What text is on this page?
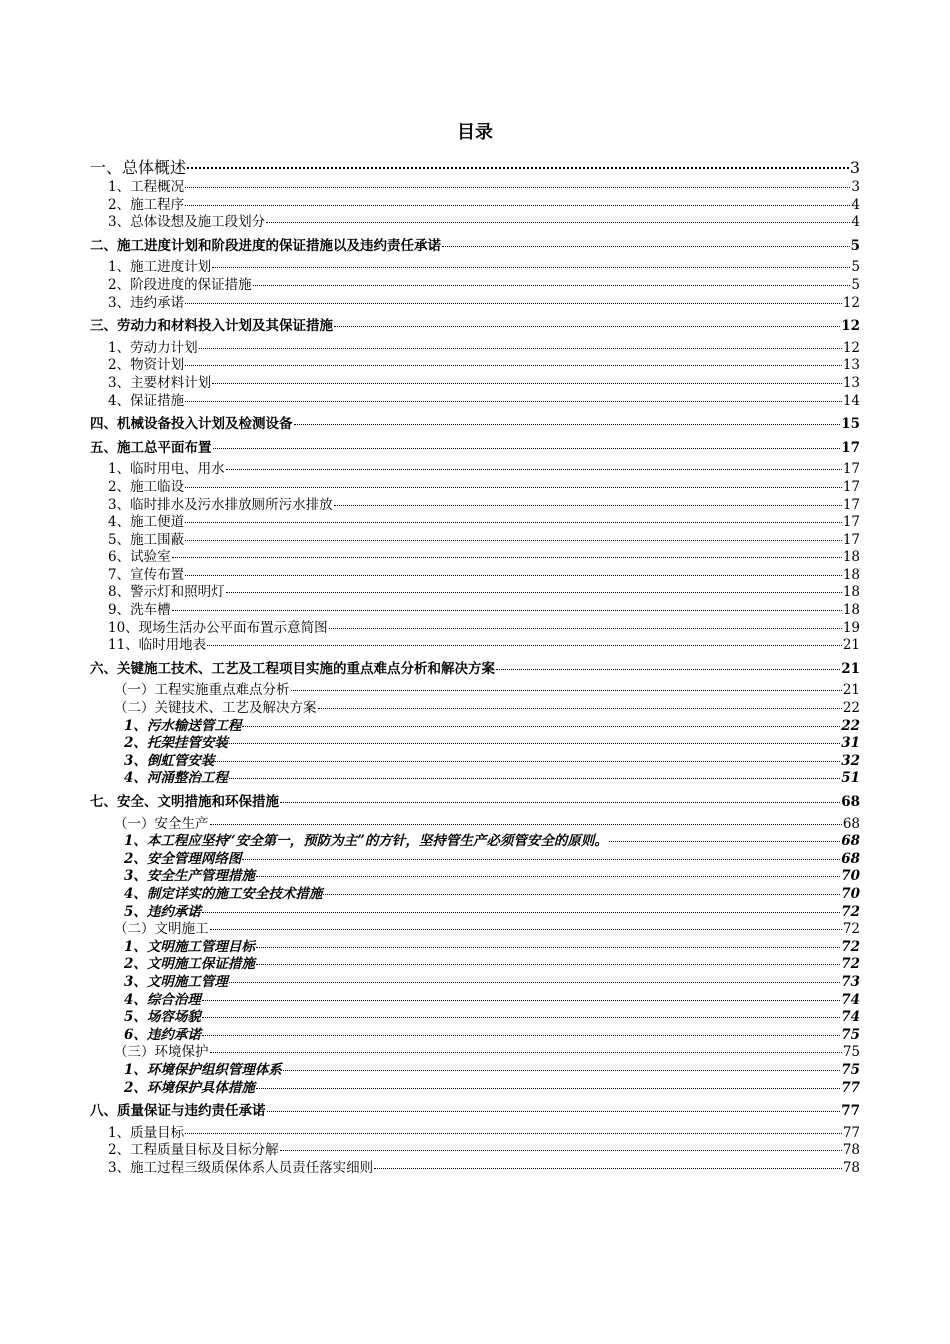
目录
一、总体概述	3
1、工程概况	3
2、施工程序	4
3、总体设想及施工段划分	4
二、施工进度计划和阶段进度的保证措施以及违约责任承诺	5
1、施工进度计划	5
2、阶段进度的保证措施	5
3、违约承诺	12
三、劳动力和材料投入计划及其保证措施	12
1、劳动力计划	12
2、物资计划	13
3、主要材料计划	13
4、保证措施	14
四、机械设备投入计划及检测设备	15
五、施工总平面布置	17
1、临时用电、用水	17
2、施工临设	17
3、临时排水及污水排放厕所污水排放	17
4、施工便道	17
5、施工围蔽	17
6、试验室	18
7、宣传布置	18
8、警示灯和照明灯	18
9、洗车槽	18
10、现场生活办公平面布置示意简图	19
11、临时用地表	21
六、关键施工技术、工艺及工程项目实施的重点难点分析和解决方案	21
（一）工程实施重点难点分析	21
（二）关键技术、工艺及解决方案	22
1、污水输送管工程	22
2、托架挂管安装	31
3、倒虹管安装	32
4、河涌整治工程	51
七、安全、文明措施和环保措施	68
（一）安全生产	68
1、本工程应坚持“安全第一，预防为主”的方针，坚持管生产必须管安全的原则。	68
2、安全管理网络图	68
3、安全生产管理措施	70
4、制定详实的施工安全技术措施	70
5、违约承诺	72
（二）文明施工	72
1、文明施工管理目标	72
2、文明施工保证措施	72
3、文明施工管理	73
4、综合治理	74
5、场容场貌	74
6、违约承诺	75
（三）环境保护	75
1、环境保护组织管理体系	75
2、环境保护具体措施	77
八、质量保证与违约责任承诺	77
1、质量目标	77
2、工程质量目标及目标分解	78
3、施工过程三级质保体系人员责任落实细则	78
